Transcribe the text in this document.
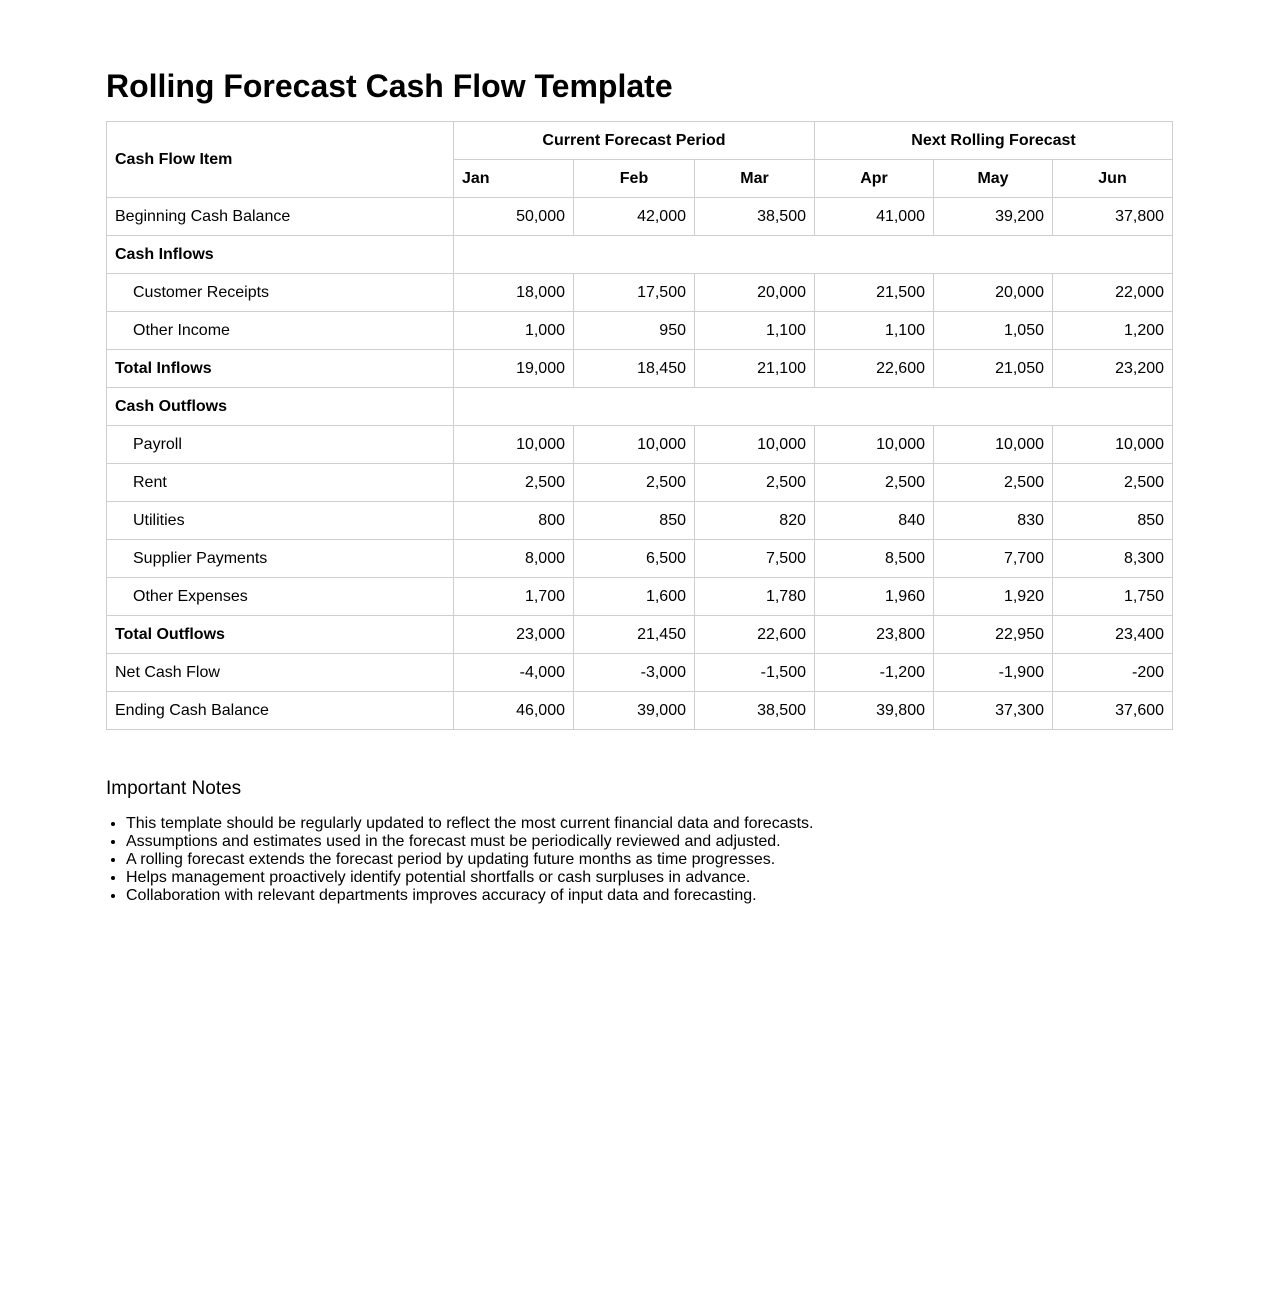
Rolling Forecast Cash Flow Template
Cash Flow Item	Current Forecast Period			Next Rolling Forecast		
	Jan	Feb	Mar	Apr	May	Jun
Beginning Cash Balance	50,000	42,000	38,500	41,000	39,200	37,800
Cash Inflows						
Customer Receipts	18,000	17,500	20,000	21,500	20,000	22,000
Other Income	1,000	950	1,100	1,100	1,050	1,200
Total Inflows	19,000	18,450	21,100	22,600	21,050	23,200
Cash Outflows						
Payroll	10,000	10,000	10,000	10,000	10,000	10,000
Rent	2,500	2,500	2,500	2,500	2,500	2,500
Utilities	800	850	820	840	830	850
Supplier Payments	8,000	6,500	7,500	8,500	7,700	8,300
Other Expenses	1,700	1,600	1,780	1,960	1,920	1,750
Total Outflows	23,000	21,450	22,600	23,800	22,950	23,400
Net Cash Flow	-4,000	-3,000	-1,500	-1,200	-1,900	-200
Ending Cash Balance	46,000	39,000	38,500	39,800	37,300	37,600
Important Notes
• This template should be regularly updated to reflect the most current financial data and forecasts.
• Assumptions and estimates used in the forecast must be periodically reviewed and adjusted.
• A rolling forecast extends the forecast period by updating future months as time progresses.
• Helps management proactively identify potential shortfalls or cash surpluses in advance.
• Collaboration with relevant departments improves accuracy of input data and forecasting.
